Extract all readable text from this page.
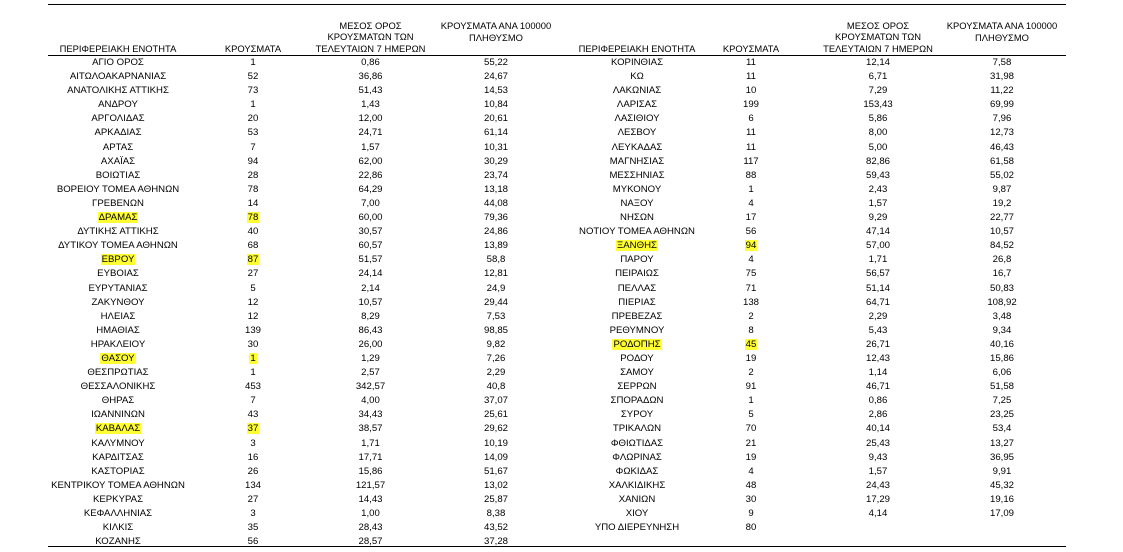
ΠΕΡΙΦΕΡΕΙΑΚΗ ΕΝΟΤΗΤΑ	ΚΡΟΥΣΜΑΤΑ
ΜΕΣΟΣ ΟΡΟΣ
ΚΡΟΥΣΜΑΤΩΝ ΤΩΝ
ΤΕΛΕΥΤΑΙΩΝ 7 ΗΜΕΡΩΝ
ΚΡΟΥΣΜΑΤΑ ΑΝΑ 100000
ΠΛΗΘΥΣΜΟ
ΠΕΡΙΦΕΡΕΙΑΚΗ ΕΝΟΤΗΤΑ	ΚΡΟΥΣΜΑΤΑ
ΜΕΣΟΣ ΟΡΟΣ
ΚΡΟΥΣΜΑΤΩΝ ΤΩΝ
ΤΕΛΕΥΤΑΙΩΝ 7 ΗΜΕΡΩΝ
ΚΡΟΥΣΜΑΤΑ ΑΝΑ 100000
ΠΛΗΘΥΣΜΟ
ΑΓΙΟ ΟΡΟΣ	1	0,86	55,22
ΑΙΤΩΛΟΑΚΑΡΝΑΝΙΑΣ	52	36,86	24,67
ΑΝΑΤΟΛΙΚΗΣ ΑΤΤΙΚΗΣ	73	51,43	14,53
ΑΝΔΡΟΥ	1	1,43	10,84
ΑΡΓΟΛΙΔΑΣ	20	12,00	20,61
ΑΡΚΑΔΙΑΣ	53	24,71	61,14
ΑΡΤΑΣ	7	1,57	10,31
ΑΧΑΪΑΣ	94	62,00	30,29
ΒΟΙΩΤΙΑΣ	28	22,86	23,74
ΒΟΡΕΙΟΥ ΤΟΜΕΑ ΑΘΗΝΩΝ	78	64,29	13,18
ΓΡΕΒΕΝΩΝ	14	7,00	44,08
ΔΡΑΜΑΣ	78	60,00	79,36
ΔΥΤΙΚΗΣ ΑΤΤΙΚΗΣ	40	30,57	24,86
ΔΥΤΙΚΟΥ ΤΟΜΕΑ ΑΘΗΝΩΝ	68	60,57	13,89
ΕΒΡΟΥ	87	51,57	58,8
ΕΥΒΟΙΑΣ	27	24,14	12,81
ΕΥΡΥΤΑΝΙΑΣ	5	2,14	24,9
ΖΑΚΥΝΘΟΥ	12	10,57	29,44
ΗΛΕΙΑΣ	12	8,29	7,53
ΗΜΑΘΙΑΣ	139	86,43	98,85
ΗΡΑΚΛΕΙΟΥ	30	26,00	9,82
ΘΑΣΟΥ	1	1,29	7,26
ΘΕΣΠΡΩΤΙΑΣ	1	2,57	2,29
ΘΕΣΣΑΛΟΝΙΚΗΣ	453	342,57	40,8
ΘΗΡΑΣ	7	4,00	37,07
ΙΩΑΝΝΙΝΩΝ	43	34,43	25,61
ΚΑΒΑΛΑΣ	37	38,57	29,62
ΚΑΛΥΜΝΟΥ	3	1,71	10,19
ΚΑΡΔΙΤΣΑΣ	16	17,71	14,09
ΚΑΣΤΟΡΙΑΣ	26	15,86	51,67
ΚΕΝΤΡΙΚΟΥ ΤΟΜΕΑ ΑΘΗΝΩΝ	134	121,57	13,02
ΚΕΡΚΥΡΑΣ	27	14,43	25,87
ΚΕΦΑΛΛΗΝΙΑΣ	3	1,00	8,38
ΚΙΛΚΙΣ	35	28,43	43,52
ΚΟΖΑΝΗΣ	56	28,57	37,28
ΚΟΡΙΝΘΙΑΣ	11	12,14	7,58
ΚΩ	11	6,71	31,98
ΛΑΚΩΝΙΑΣ	10	7,29	11,22
ΛΑΡΙΣΑΣ	199	153,43	69,99
ΛΑΣΙΘΙΟΥ	6	5,86	7,96
ΛΕΣΒΟΥ	11	8,00	12,73
ΛΕΥΚΑΔΑΣ	11	5,00	46,43
ΜΑΓΝΗΣΙΑΣ	117	82,86	61,58
ΜΕΣΣΗΝΙΑΣ	88	59,43	55,02
ΜΥΚΟΝΟΥ	1	2,43	9,87
ΝΑΞΟΥ	4	1,57	19,2
ΝΗΣΩΝ	17	9,29	22,77
ΝΟΤΙΟΥ ΤΟΜΕΑ ΑΘΗΝΩΝ	56	47,14	10,57
ΞΑΝΘΗΣ	94	57,00	84,52
ΠΑΡΟΥ	4	1,71	26,8
ΠΕΙΡΑΙΩΣ	75	56,57	16,7
ΠΕΛΛΑΣ	71	51,14	50,83
ΠΙΕΡΙΑΣ	138	64,71	108,92
ΠΡΕΒΕΖΑΣ	2	2,29	3,48
ΡΕΘΥΜΝΟΥ	8	5,43	9,34
ΡΟΔΟΠΗΣ	45	26,71	40,16
ΡΟΔΟΥ	19	12,43	15,86
ΣΑΜΟΥ	2	1,14	6,06
ΣΕΡΡΩΝ	91	46,71	51,58
ΣΠΟΡΑΔΩΝ	1	0,86	7,25
ΣΥΡΟΥ	5	2,86	23,25
ΤΡΙΚΑΛΩΝ	70	40,14	53,4
ΦΘΙΩΤΙΔΑΣ	21	25,43	13,27
ΦΛΩΡΙΝΑΣ	19	9,43	36,95
ΦΩΚΙΔΑΣ	4	1,57	9,91
ΧΑΛΚΙΔΙΚΗΣ	48	24,43	45,32
ΧΑΝΙΩΝ	30	17,29	19,16
ΧΙΟΥ	9	4,14	17,09
ΥΠΟ ΔΙΕΡΕΥΝΗΣΗ	80
